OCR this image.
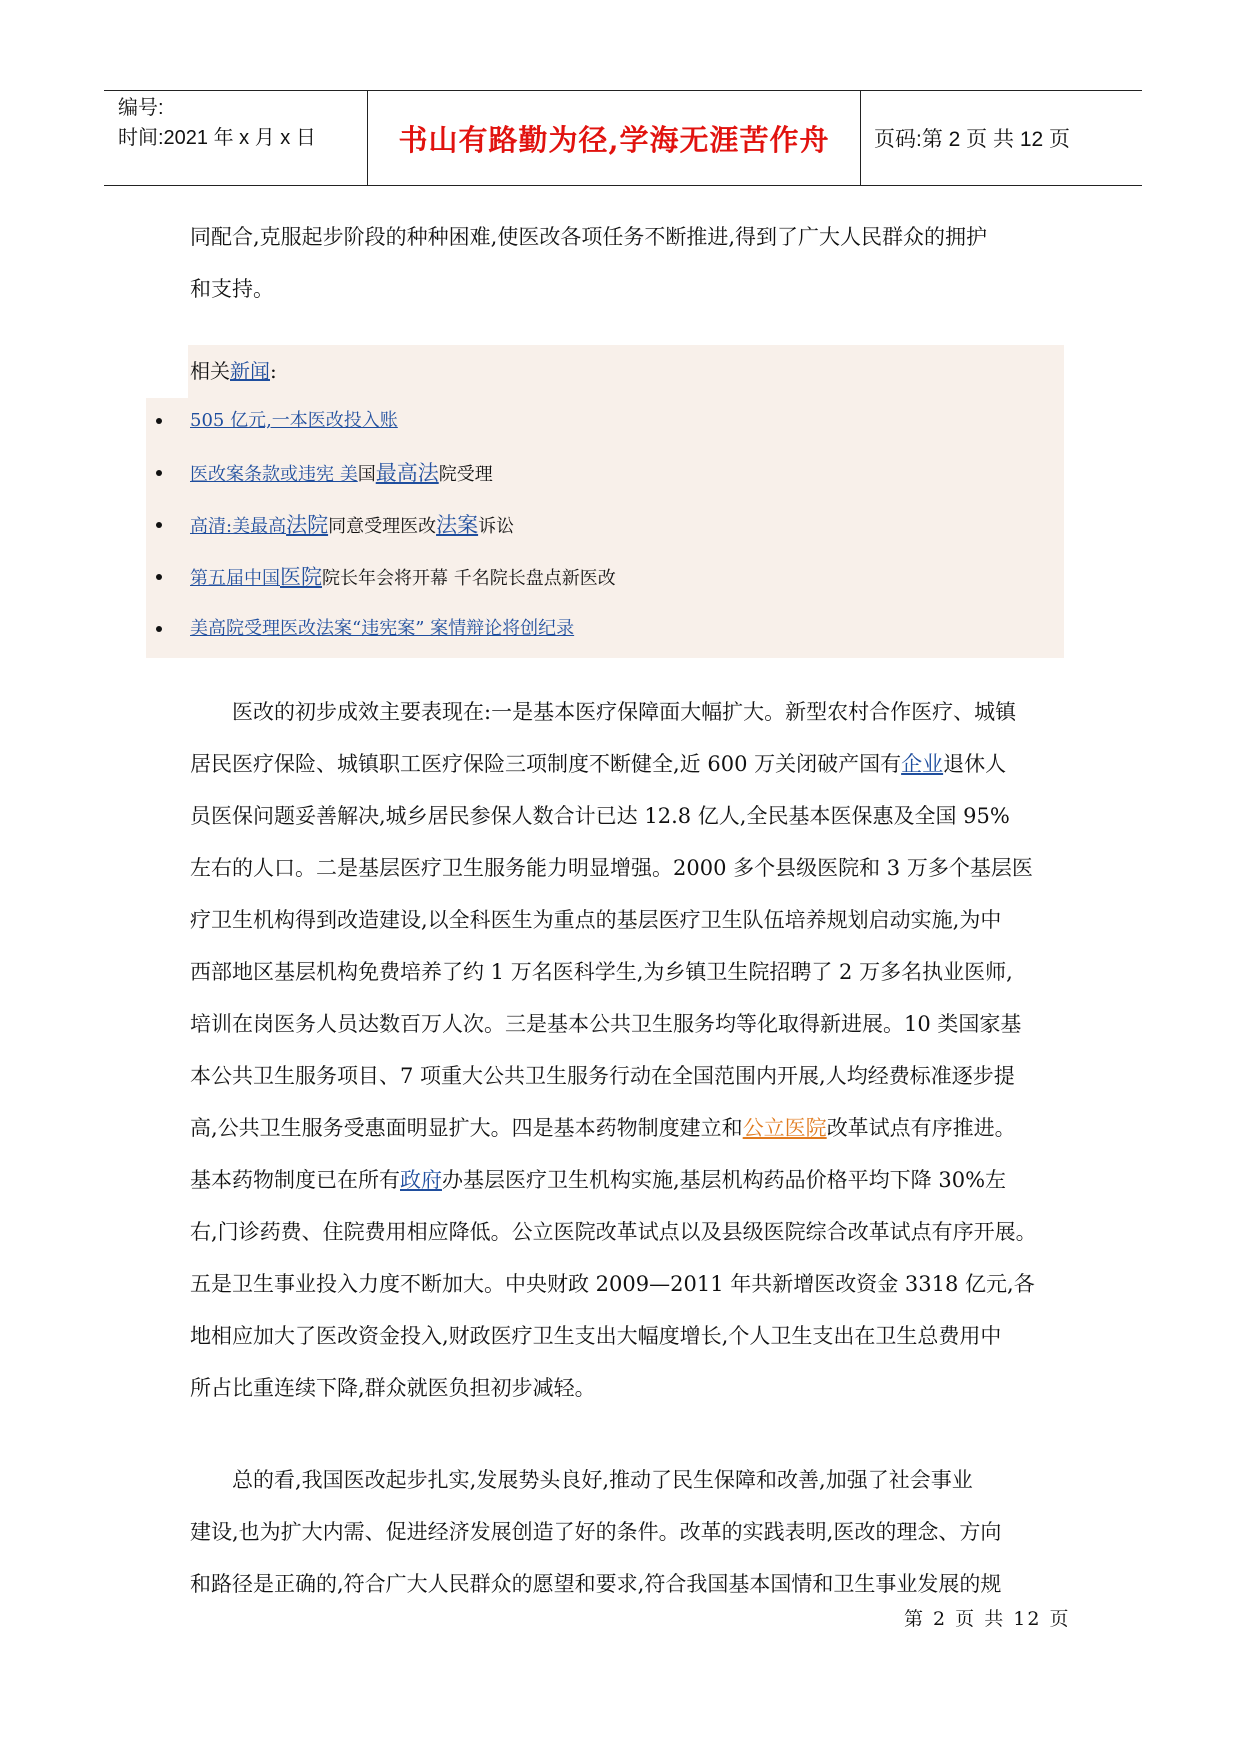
编号:
时间:2021 年 x 月 x 日	书山有路勤为径,学海无涯苦作舟	页码:第 2 页 共 12 页

同配合,克服起步阶段的种种困难,使医改各项任务不断推进,得到了广大人民群众的拥护

和支持。

相关新闻:
505 亿元,一本医改投入账
医改案条款或违宪 美国最高法院受理
高清:美最高法院同意受理医改法案诉讼
第五届中国医院院长年会将开幕 千名院长盘点新医改
美高院受理医改法案“违宪案” 案情辩论将创纪录

医改的初步成效主要表现在:一是基本医疗保障面大幅扩大。新型农村合作医疗、城镇

居民医疗保险、城镇职工医疗保险三项制度不断健全,近 600 万关闭破产国有企业退休人

员医保问题妥善解决,城乡居民参保人数合计已达 12.8 亿人,全民基本医保惠及全国 95%

左右的人口。二是基层医疗卫生服务能力明显增强。2000 多个县级医院和 3 万多个基层医

疗卫生机构得到改造建设,以全科医生为重点的基层医疗卫生队伍培养规划启动实施,为中

西部地区基层机构免费培养了约 1 万名医科学生,为乡镇卫生院招聘了 2 万多名执业医师,

培训在岗医务人员达数百万人次。三是基本公共卫生服务均等化取得新进展。10 类国家基

本公共卫生服务项目、7 项重大公共卫生服务行动在全国范围内开展,人均经费标准逐步提

高,公共卫生服务受惠面明显扩大。四是基本药物制度建立和公立医院改革试点有序推进。

基本药物制度已在所有政府办基层医疗卫生机构实施,基层机构药品价格平均下降 30%左

右,门诊药费、住院费用相应降低。公立医院改革试点以及县级医院综合改革试点有序开展。

五是卫生事业投入力度不断加大。中央财政 2009—2011 年共新增医改资金 3318 亿元,各

地相应加大了医改资金投入,财政医疗卫生支出大幅度增长,个人卫生支出在卫生总费用中

所占比重连续下降,群众就医负担初步减轻。

总的看,我国医改起步扎实,发展势头良好,推动了民生保障和改善,加强了社会事业

建设,也为扩大内需、促进经济发展创造了好的条件。改革的实践表明,医改的理念、方向

和路径是正确的,符合广大人民群众的愿望和要求,符合我国基本国情和卫生事业发展的规

第 2 页 共 12 页
